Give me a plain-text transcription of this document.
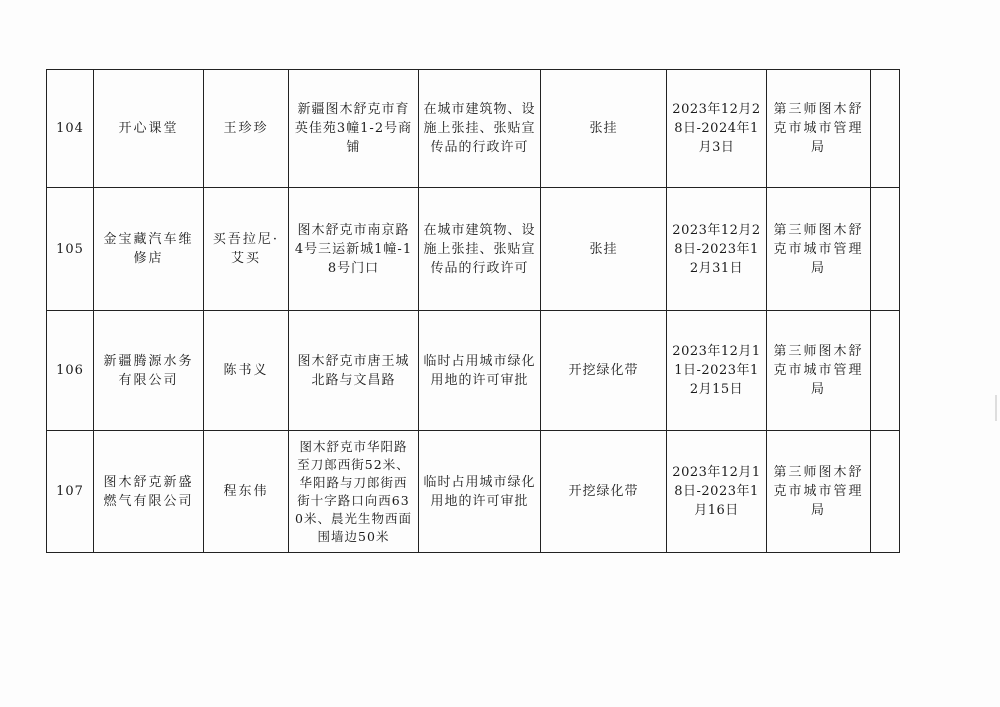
104	开心课堂	王珍珍	新疆图木舒克市育英佳苑3幢1-2号商铺	在城市建筑物、设施上张挂、张贴宣传品的行政许可	张挂	2023年12月28日-2024年1月3日	第三师图木舒克市城市管理局	
105	金宝藏汽车维修店	买吾拉尼·艾买	图木舒克市南京路4号三运新城1幢-18号门口	在城市建筑物、设施上张挂、张贴宣传品的行政许可	张挂	2023年12月28日-2023年12月31日	第三师图木舒克市城市管理局	
106	新疆腾源水务有限公司	陈书义	图木舒克市唐王城北路与文昌路	临时占用城市绿化用地的许可审批	开挖绿化带	2023年12月11日-2023年12月15日	第三师图木舒克市城市管理局	
107	图木舒克新盛燃气有限公司	程东伟	图木舒克市华阳路至刀郎西街52米、华阳路与刀郎街西街十字路口向西630米、晨光生物西面围墙边50米	临时占用城市绿化用地的许可审批	开挖绿化带	2023年12月18日-2023年1月16日	第三师图木舒克市城市管理局	
